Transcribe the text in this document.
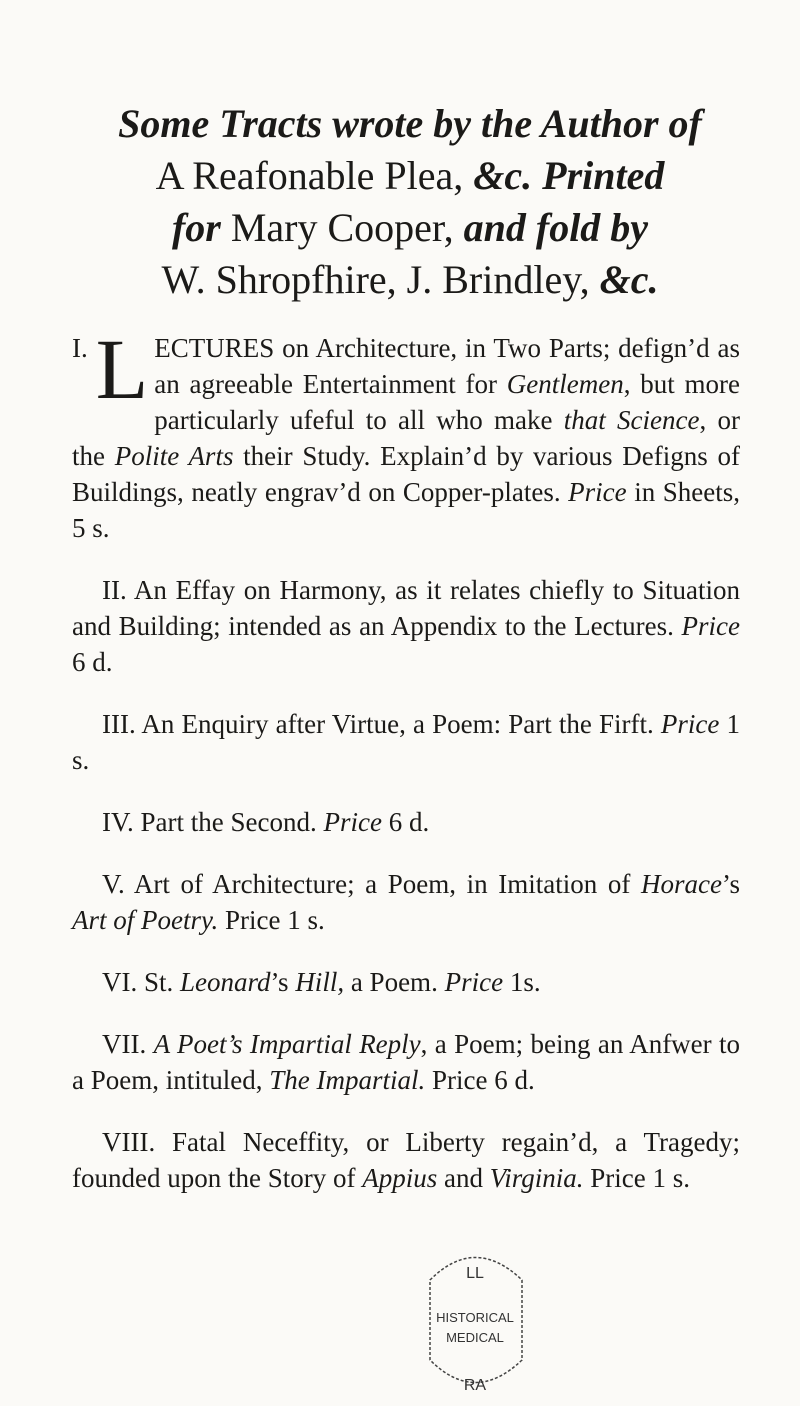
Some Tracts wrote by the Author of
A Reafonable Plea, &c. Printed
for Mary Cooper, and fold by
W. Shropfhire, J. Brindley, &c.

I. L ECTURES on Architecture, in Two Parts; defign’d as an agreeable Entertainment for Gentlemen, but more particularly ufeful to all who make that Science, or the Polite Arts their Study. Explain’d by various Defigns of Buildings, neatly engrav’d on Copper-plates. Price in Sheets, 5 s.

II. An Effay on Harmony, as it relates chiefly to Situation and Building; intended as an Appendix to the Lectures. Price 6 d.

III. An Enquiry after Virtue, a Poem: Part the Firft. Price 1 s.

IV. Part the Second. Price 6 d.

V. Art of Architecture; a Poem, in Imitation of Horace’s Art of Poetry. Price 1 s.

VI. St. Leonard’s Hill, a Poem. Price 1s.

VII. A Poet’s Impartial Reply, a Poem; being an Anfwer to a Poem, intituled, The Impartial. Price 6 d.

VIII. Fatal Neceffity, or Liberty regain’d, a Tragedy; founded upon the Story of Appius and Virginia. Price 1 s.

LL
HISTORICAL
MEDICAL
RA
